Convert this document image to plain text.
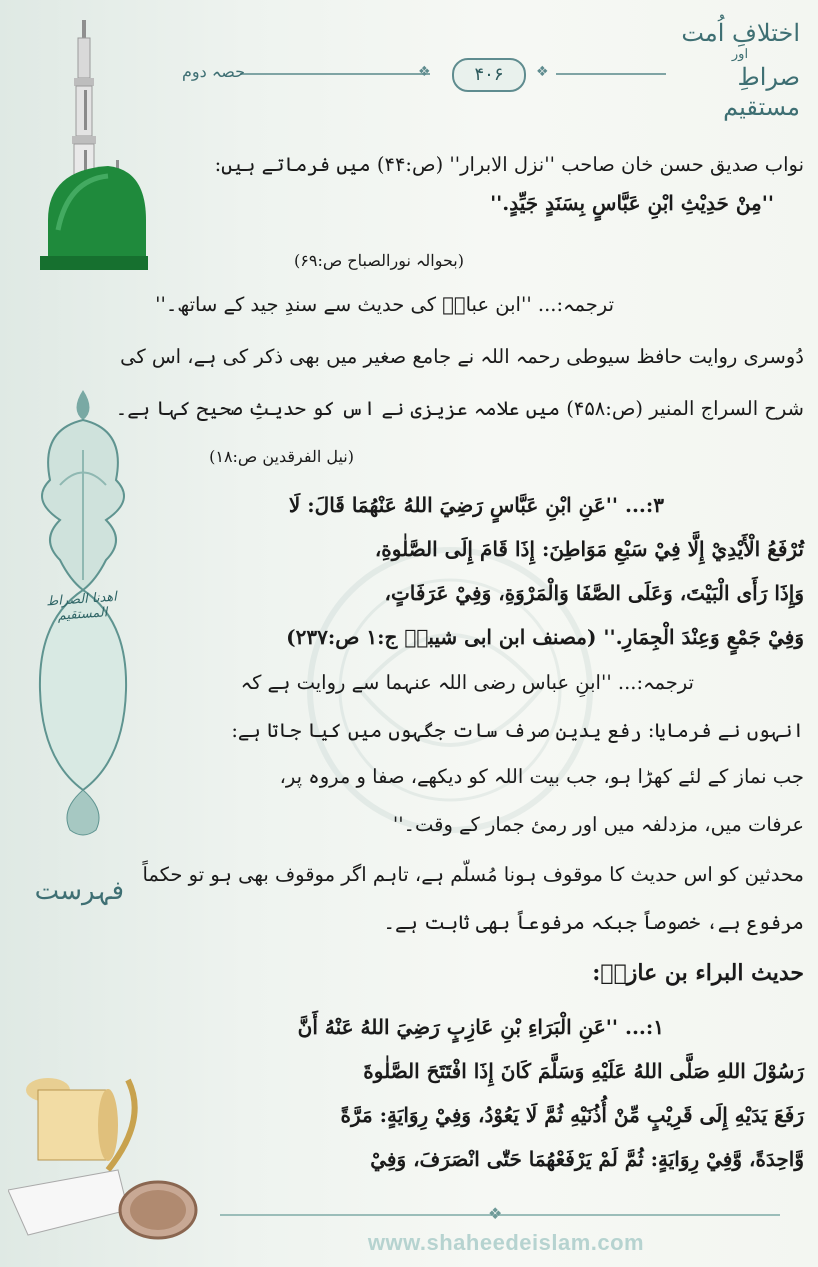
اھدنا الصراط المستقیم
فہرست
اختلافِ اُمت
اور
صراطِ مستقیم
❖	۴۰۶	❖
حصہ دوم
نواب صدیق حسن خان صاحب ''نزل الابرار'' (ص:۴۴) میں فرماتے ہیں:
''مِنْ حَدِيْثِ ابْنِ عَبَّاسٍ بِسَنَدٍ جَيِّدٍ.''
(بحوالہ نورالصباح ص:۶۹)
ترجمہ:... ''ابن عباسؓ کی حدیث سے سندِ جید کے ساتھ۔''
دُوسری روایت حافظ سیوطی رحمہ اللہ نے جامع صغیر میں بھی ذکر کی ہے، اس کی
شرح السراج المنیر (ص:۴۵۸) میں علامہ عزیزی نے اس کو حدیثِ صحیح کہا ہے۔
(نیل الفرقدین ص:۱۸)
۳:... ''عَنِ ابْنِ عَبَّاسٍ رَضِيَ اللهُ عَنْهُمَا قَالَ: لَا
تُرْفَعُ الْأَيْدِيْ إِلَّا فِيْ سَبْعِ مَوَاطِنَ: إِذَا قَامَ إِلَى الصَّلٰوةِ،
وَإِذَا رَأَى الْبَيْتَ، وَعَلَى الصَّفَا وَالْمَرْوَةِ، وَفِيْ عَرَفَاتٍ،
وَفِيْ جَمْعٍ وَعِنْدَ الْجِمَارِ.'' (مصنف ابن ابی شیبہؒ ج:۱ ص:۲۳۷)
ترجمہ:... ''ابنِ عباس رضی اللہ عنہما سے روایت ہے کہ
انہوں نے فرمایا: رفع یدین صرف سات جگہوں میں کیا جاتا ہے:
جب نماز کے لئے کھڑا ہو، جب بیت اللہ کو دیکھے، صفا و مروہ پر،
عرفات میں، مزدلفہ میں اور رمئ جمار کے وقت۔''
محدثین کو اس حدیث کا موقوف ہونا مُسلّم ہے، تاہم اگر موقوف بھی ہو تو حکماً
مرفوع ہے، خصوصاً جبکہ مرفوعاً بھی ثابت ہے۔
حدیث البراء بن عازبؓ:
۱:... ''عَنِ الْبَرَاءِ بْنِ عَازِبٍ رَضِيَ اللهُ عَنْهُ أَنَّ
رَسُوْلَ اللهِ صَلَّى اللهُ عَلَيْهِ وَسَلَّمَ كَانَ إِذَا افْتَتَحَ الصَّلٰوةَ
رَفَعَ يَدَيْهِ إِلَى قَرِيْبٍ مِّنْ أُذُنَيْهِ ثُمَّ لَا يَعُوْدُ، وَفِيْ رِوَايَةٍ: مَرَّةً
وَّاحِدَةً، وَّفِيْ رِوَايَةٍ: ثُمَّ لَمْ يَرْفَعْهُمَا حَتّٰى انْصَرَفَ، وَفِيْ
❖
www.shaheedeislam.com
